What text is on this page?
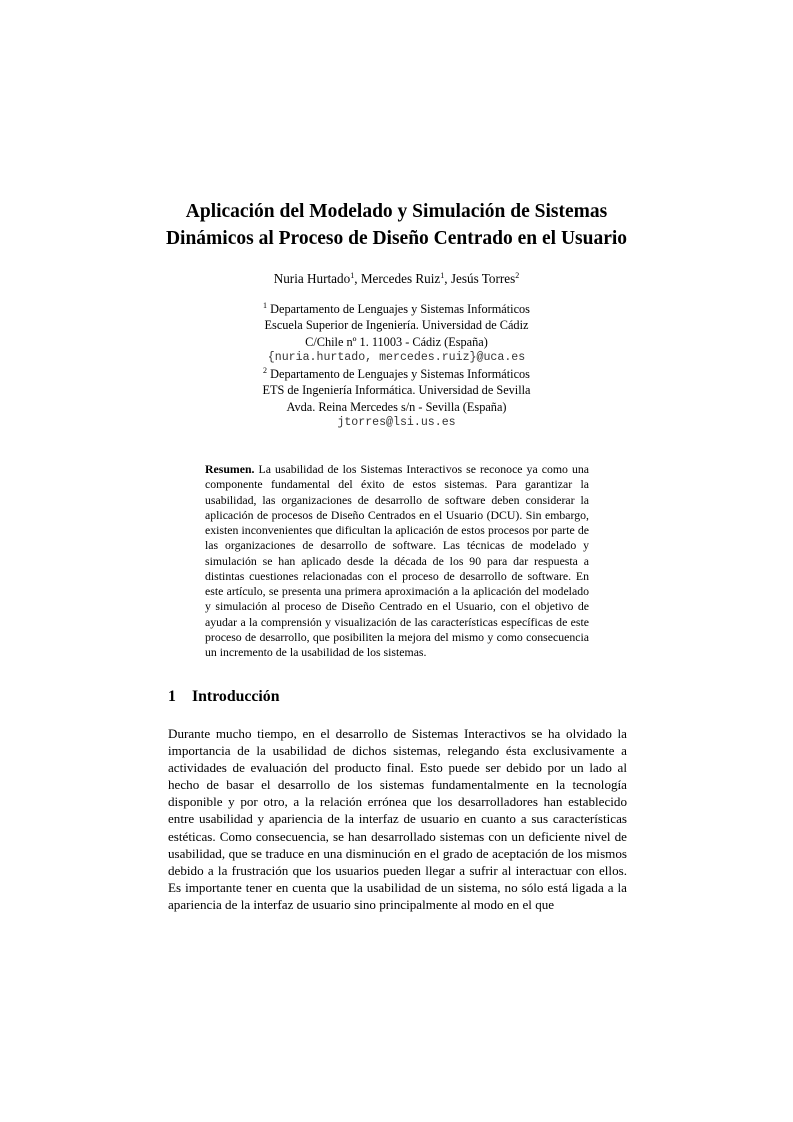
Aplicación del Modelado y Simulación de Sistemas
Dinámicos al Proceso de Diseño Centrado en el Usuario
Nuria Hurtado$^1$, Mercedes Ruiz$^1$, Jesús Torres$^2$
$^1$ Departamento de Lenguajes y Sistemas Informáticos
Escuela Superior de Ingeniería. Universidad de Cádiz
C/Chile nº 1. 11003 - Cádiz (España)
{nuria.hurtado, mercedes.ruiz}@uca.es
$^2$ Departamento de Lenguajes y Sistemas Informáticos
ETS de Ingeniería Informática. Universidad de Sevilla
Avda. Reina Mercedes s/n - Sevilla (España)
jtorres@lsi.us.es

Resumen. La usabilidad de los Sistemas Interactivos se reconoce ya como una componente fundamental del éxito de estos sistemas. Para garantizar la usabilidad, las organizaciones de desarrollo de software deben considerar la aplicación de procesos de Diseño Centrados en el Usuario (DCU). Sin embargo, existen inconvenientes que dificultan la aplicación de estos procesos por parte de las organizaciones de desarrollo de software. Las técnicas de modelado y simulación se han aplicado desde la década de los 90 para dar respuesta a distintas cuestiones relacionadas con el proceso de desarrollo de software. En este artículo, se presenta una primera aproximación a la aplicación del modelado y simulación al proceso de Diseño Centrado en el Usuario, con el objetivo de ayudar a la comprensión y visualización de las características específicas de este proceso de desarrollo, que posibiliten la mejora del mismo y como consecuencia un incremento de la usabilidad de los sistemas.

1 Introducción

Durante mucho tiempo, en el desarrollo de Sistemas Interactivos se ha olvidado la importancia de la usabilidad de dichos sistemas, relegando ésta exclusivamente a actividades de evaluación del producto final. Esto puede ser debido por un lado al hecho de basar el desarrollo de los sistemas fundamentalmente en la tecnología disponible y por otro, a la relación errónea que los desarrolladores han establecido entre usabilidad y apariencia de la interfaz de usuario en cuanto a sus características estéticas. Como consecuencia, se han desarrollado sistemas con un deficiente nivel de usabilidad, que se traduce en una disminución en el grado de aceptación de los mismos debido a la frustración que los usuarios pueden llegar a sufrir al interactuar con ellos. Es importante tener en cuenta que la usabilidad de un sistema, no sólo está ligada a la apariencia de la interfaz de usuario sino principalmente al modo en el que
